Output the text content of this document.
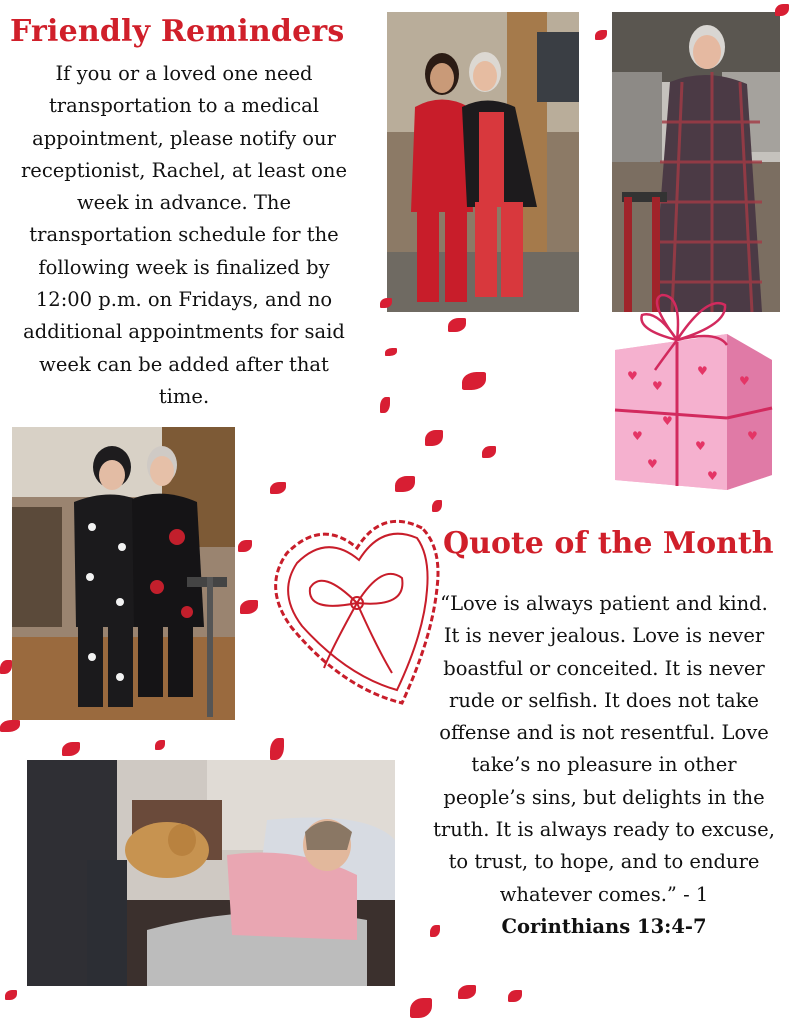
Friendly Reminders

If you or a loved one need transportation to a medical appointment, please notify our receptionist, Rachel, at least one week in advance. The transportation schedule for the following week is finalized by 12:00 p.m. on Fridays, and no additional appointments for said week can be added after that time.

♥
♥
♥
♥
♥
♥
♥
♥
♥
♥
Quote of the Month

“Love is always patient and kind. It is never jealous. Love is never boastful or conceited. It is never rude or selfish. It does not take offense and is not resentful. Love take’s no pleasure in other people’s sins, but delights in the truth. It is always ready to excuse, to trust, to hope, and to endure whatever comes.” - 1
Corinthians 13:4-7
